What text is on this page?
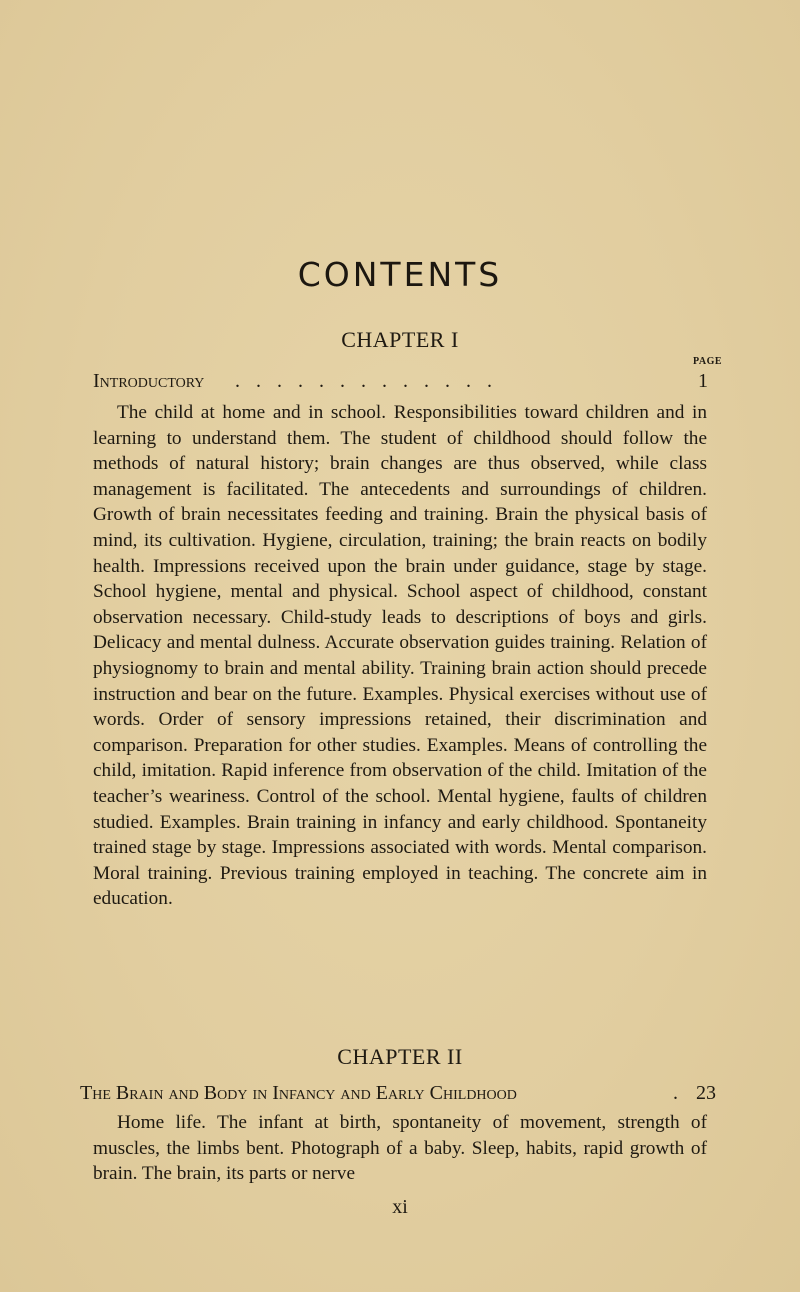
CONTENTS
CHAPTER I
PAGE
Introductory . . . . . . . . . . . . .	1

The child at home and in school. Responsibilities toward children and in learning to understand them. The student of childhood should follow the methods of natural history; brain changes are thus observed, while class management is facilitated. The antecedents and surroundings of children. Growth of brain necessitates feeding and training. Brain the physical basis of mind, its cultivation. Hygiene, circulation, training; the brain reacts on bodily health. Impressions received upon the brain under guidance, stage by stage. School hygiene, mental and physical. School aspect of childhood, constant observation necessary. Child-study leads to descriptions of boys and girls. Delicacy and mental dulness. Accurate observation guides training. Relation of physiognomy to brain and mental ability. Training brain action should precede instruction and bear on the future. Examples. Physical exercises without use of words. Order of sensory impressions retained, their discrimination and comparison. Preparation for other studies. Examples. Means of controlling the child, imitation. Rapid inference from observation of the child. Imitation of the teacher’s weariness. Control of the school. Mental hygiene, faults of children studied. Examples. Brain training in infancy and early childhood. Spontaneity trained stage by stage. Impressions associated with words. Mental comparison. Moral training. Previous training employed in teaching. The concrete aim in education.

CHAPTER II
The Brain and Body in Infancy and Early Childhood	. 23

Home life. The infant at birth, spontaneity of movement, strength of muscles, the limbs bent. Photograph of a baby. Sleep, habits, rapid growth of brain. The brain, its parts or nerve

xi
